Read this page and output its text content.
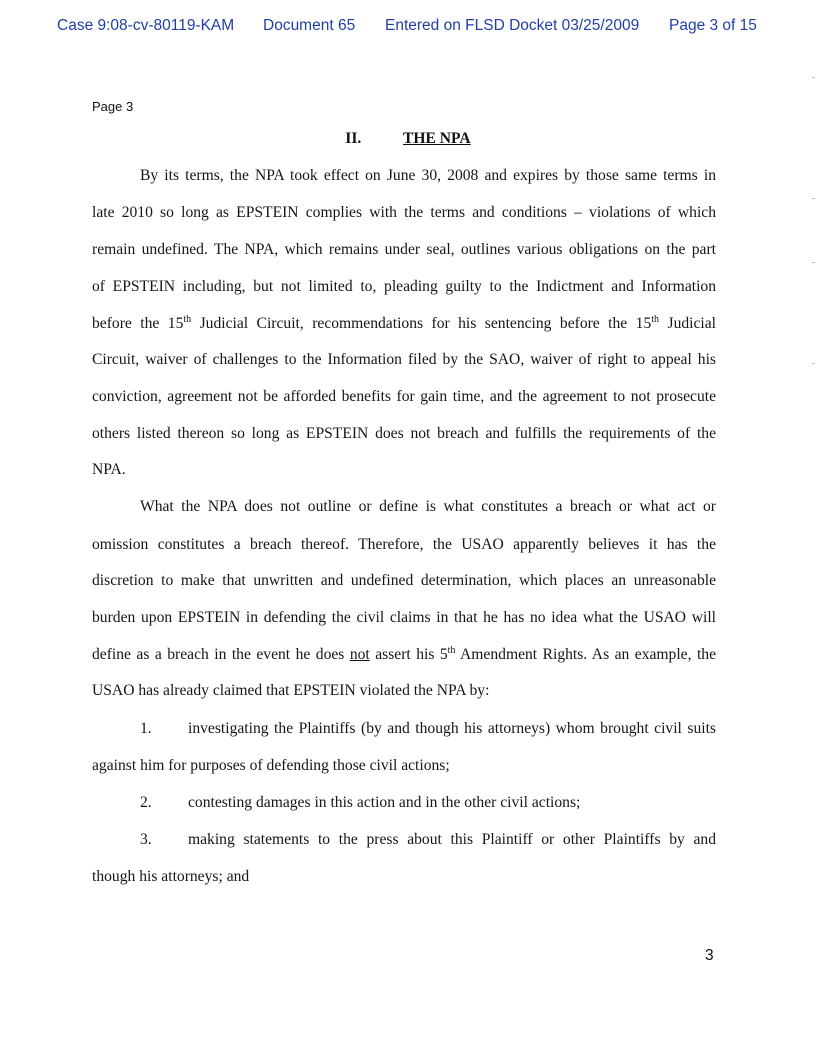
Case 9:08-cv-80119-KAM Document 65 Entered on FLSD Docket 03/25/2009 Page 3 of 15
Page 3
II.	THE NPA
By its terms, the NPA took effect on June 30, 2008 and expires by those same terms in
late 2010 so long as EPSTEIN complies with the terms and conditions – violations of which
remain undefined. The NPA, which remains under seal, outlines various obligations on the part
of EPSTEIN including, but not limited to, pleading guilty to the Indictment and Information
before the 15th Judicial Circuit, recommendations for his sentencing before the 15th Judicial
Circuit, waiver of challenges to the Information filed by the SAO, waiver of right to appeal his
conviction, agreement not be afforded benefits for gain time, and the agreement to not prosecute
others listed thereon so long as EPSTEIN does not breach and fulfills the requirements of the
NPA.
What the NPA does not outline or define is what constitutes a breach or what act or
omission constitutes a breach thereof. Therefore, the USAO apparently believes it has the
discretion to make that unwritten and undefined determination, which places an unreasonable
burden upon EPSTEIN in defending the civil claims in that he has no idea what the USAO will
define as a breach in the event he does not assert his 5th Amendment Rights. As an example, the
USAO has already claimed that EPSTEIN violated the NPA by:
1. investigating the Plaintiffs (by and though his attorneys) whom brought civil suits
against him for purposes of defending those civil actions;
2. contesting damages in this action and in the other civil actions;
3. making statements to the press about this Plaintiff or other Plaintiffs by and
though his attorneys; and
3
